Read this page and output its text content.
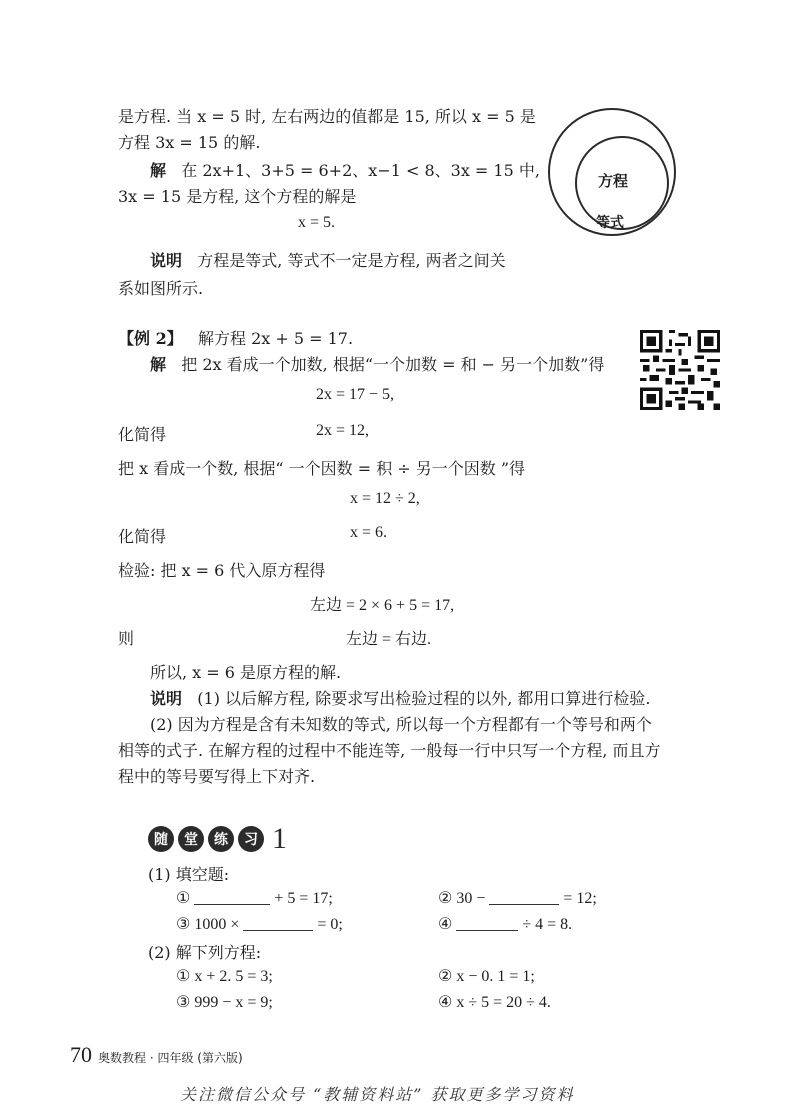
是方程. 当 x = 5 时, 左右两边的值都是 15, 所以 x = 5 是
方程 3x = 15 的解.
解 在 2x+1、3+5 = 6+2、x−1 < 8、3x = 15 中,
3x = 15 是方程, 这个方程的解是
x = 5.
说明 方程是等式, 等式不一定是方程, 两者之间关
系如图所示.
方程
等式
【例 2】 解方程 2x + 5 = 17.
解 把 2x 看成一个加数, 根据“一个加数 = 和 − 另一个加数”得
2x = 17 − 5,
化简得	2x = 12,
把 x 看成一个数, 根据“ 一个因数 = 积 ÷ 另一个因数 ”得
x = 12 ÷ 2,
化简得	x = 6.
检验: 把 x = 6 代入原方程得
左边 = 2 × 6 + 5 = 17,
则	左边 = 右边.
所以, x = 6 是原方程的解.
说明 (1) 以后解方程, 除要求写出检验过程的以外, 都用口算进行检验.
(2) 因为方程是含有未知数的等式, 所以每一个方程都有一个等号和两个
相等的式子. 在解方程的过程中不能连等, 一般每一行中只写一个方程, 而且方
程中的等号要写得上下对齐.
随	堂	练	习 1
(1) 填空题:
①	+ 5 = 17;	② 30 −	= 12;
③ 1000 ×	= 0;	④	÷ 4 = 8.
(2) 解下列方程:
① x + 2. 5 = 3;	② x − 0. 1 = 1;
③ 999 − x = 9;	④ x ÷ 5 = 20 ÷ 4.
70 奥数教程 · 四年级 (第六版)
关注微信公众号 “教辅资料站” 获取更多学习资料
